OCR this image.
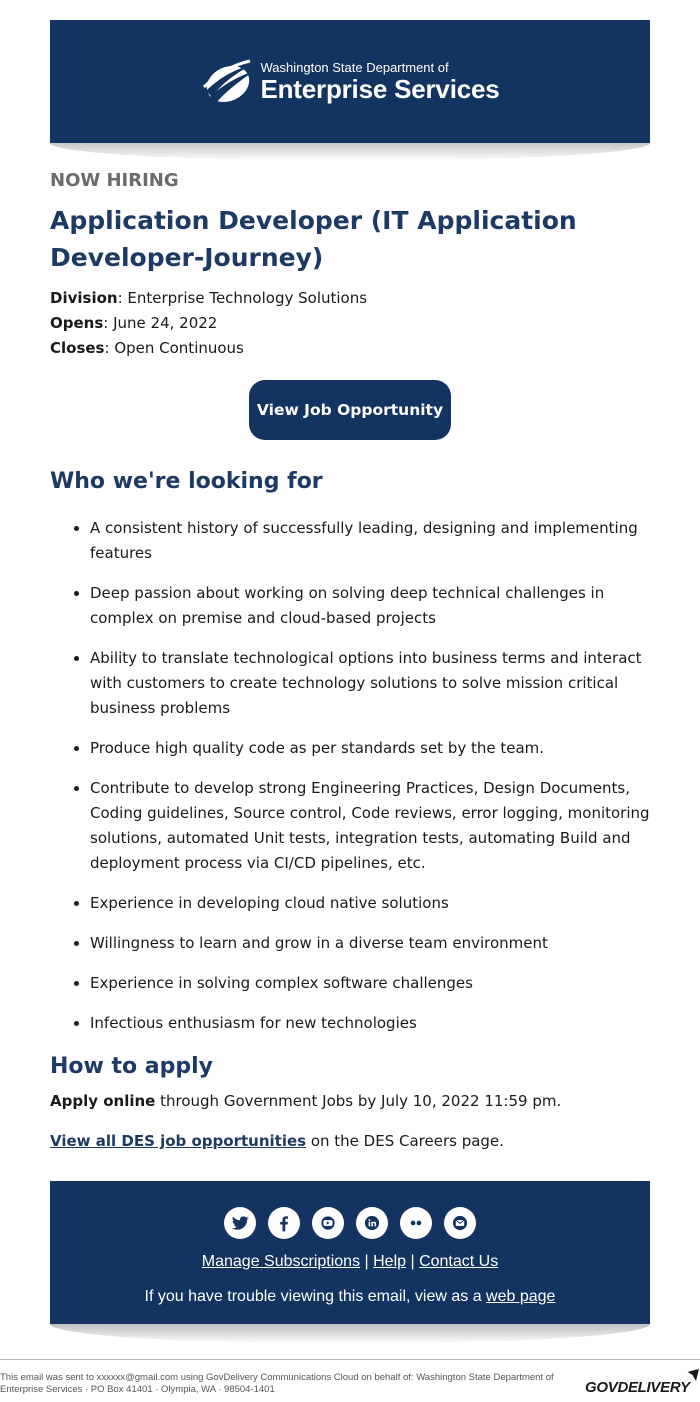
Washington State Department of
Enterprise Services
NOW HIRING
Application Developer (IT Application Developer-Journey)
Division: Enterprise Technology Solutions
Opens: June 24, 2022
Closes: Open Continuous
View Job Opportunity
Who we're looking for
• A consistent history of successfully leading, designing and implementing features
• Deep passion about working on solving deep technical challenges in complex on premise and cloud-based projects
• Ability to translate technological options into business terms and interact with customers to create technology solutions to solve mission critical business problems
• Produce high quality code as per standards set by the team.
• Contribute to develop strong Engineering Practices, Design Documents, Coding guidelines, Source control, Code reviews, error logging, monitoring solutions, automated Unit tests, integration tests, automating Build and deployment process via CI/CD pipelines, etc.
• Experience in developing cloud native solutions
• Willingness to learn and grow in a diverse team environment
• Experience in solving complex software challenges
• Infectious enthusiasm for new technologies
How to apply

Apply online through Government Jobs by July 10, 2022 11:59 pm.

View all DES job opportunities on the DES Careers page.

Manage Subscriptions | Help | Contact Us
If you have trouble viewing this email, view as a web page
This email was sent to xxxxxx@gmail.com using GovDelivery Communications Cloud on behalf of: Washington State Department of Enterprise Services · PO Box 41401 · Olympia, WA · 98504-1401	GOVDELIVERY
